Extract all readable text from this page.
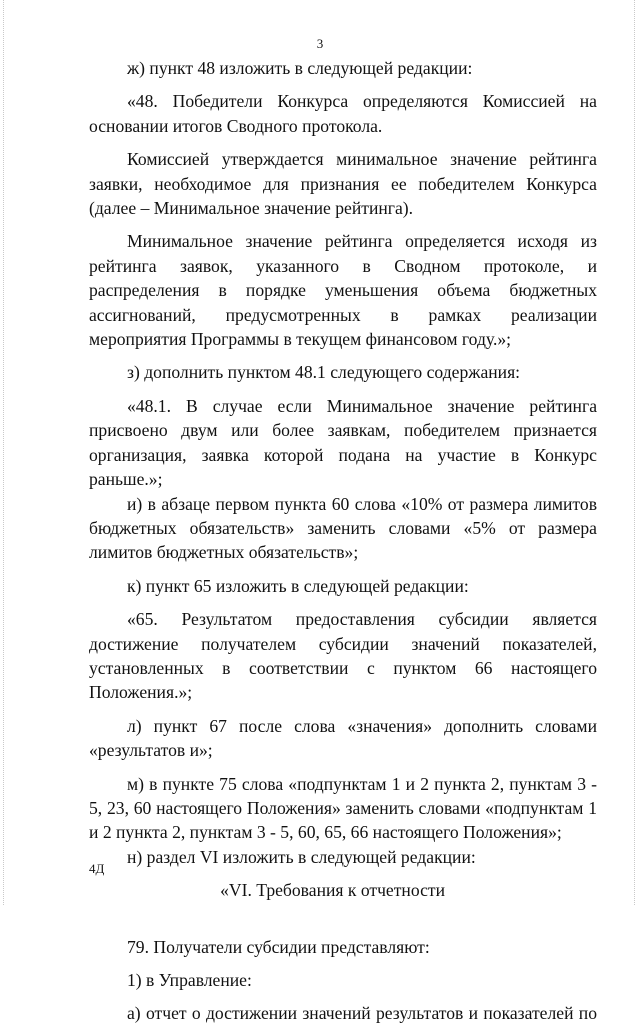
3

ж) пункт 48 изложить в следующей редакции:

«48. Победители Конкурса определяются Комиссией на основании итогов Сводного протокола.

Комиссией утверждается минимальное значение рейтинга заявки, необходимое для признания ее победителем Конкурса (далее – Минимальное значение рейтинга).

Минимальное значение рейтинга определяется исходя из рейтинга заявок, указанного в Сводном протоколе, и распределения в порядке уменьшения объема бюджетных ассигнований, предусмотренных в рамках реализации мероприятия Программы в текущем финансовом году.»;

з) дополнить пунктом 48.1 следующего содержания:

«48.1. В случае если Минимальное значение рейтинга присвоено двум или более заявкам, победителем признается организация, заявка которой подана на участие в Конкурс раньше.»;

и) в абзаце первом пункта 60 слова «10% от размера лимитов бюджетных обязательств» заменить словами «5% от размера лимитов бюджетных обязательств»;

к) пункт 65 изложить в следующей редакции:

«65. Результатом предоставления субсидии является достижение получателем субсидии значений показателей, установленных в соответствии с пунктом 66 настоящего Положения.»;

л) пункт 67 после слова «значения» дополнить словами «результатов и»;

м) в пункте 75 слова «подпунктам 1 и 2 пункта 2, пунктам 3 - 5, 23, 60 настоящего Положения» заменить словами «подпунктам 1 и 2 пункта 2, пунктам 3 - 5, 60, 65, 66 настоящего Положения»;

н) раздел VI изложить в следующей редакции:

«VI. Требования к отчетности

79. Получатели субсидии представляют:

1) в Управление:

а) отчет о достижении значений результатов и показателей по

4Д
